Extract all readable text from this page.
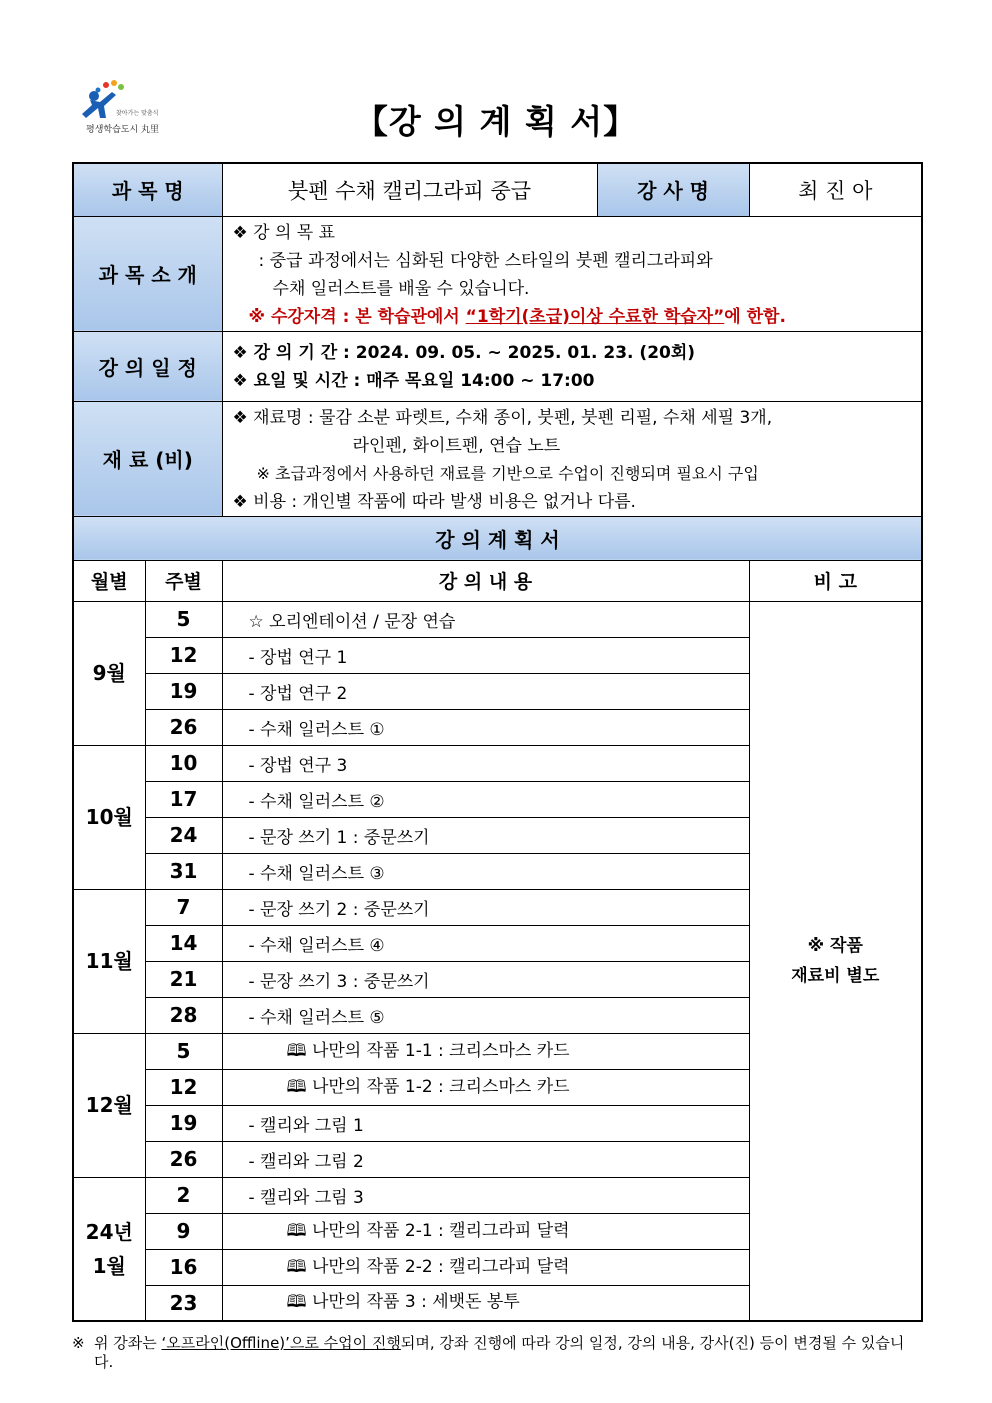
찾아가는 맞춤식
평생학습도시 丸里	【강 의 계 획 서】
과 목 명		붓펜 수채 캘리그라피 중급	강 사 명	최 진 아
과 목 소 개		❖ 강 의 목 표
: 중급 과정에서는 심화된 다양한 스타일의 붓펜 캘리그라피와
수채 일러스트를 배울 수 있습니다.
※ 수강자격 : 본 학습관에서 “1학기(초급)이상 수료한 학습자”에 한함.		

강 의 일 정		❖ 강 의 기 간 : 2024. 09. 05. ~ 2025. 01. 23. (20회)
❖ 요일 및 시간 : 매주 목요일 14:00 ~ 17:00		

재 료 (비)		❖ 재료명 : 물감 소분 파렛트, 수채 종이, 붓펜, 붓펜 리필, 수채 세필 3개,
라인펜, 화이트펜, 연습 노트
※ 초급과정에서 사용하던 재료를 기반으로 수업이 진행되며 필요시 구입
❖ 비용 : 개인별 작품에 따라 발생 비용은 없거나 다름.		

강 의 계 획 서				
월별	주별	강 의 내 용		비 고

9월	5	☆ 오리엔테이션 / 문장 연습		※ 작품
재료비 별도

	12	- 장법 연구 1		
	19	- 장법 연구 2		
	26	- 수채 일러스트 ①		

10월	10	- 장법 연구 3		
	17	- 수채 일러스트 ②		
	24	- 문장 쓰기 1 : 중문쓰기		
	31	- 수채 일러스트 ③		

11월	7	- 문장 쓰기 2 : 중문쓰기		
	14	- 수채 일러스트 ④		
	21	- 문장 쓰기 3 : 중문쓰기		
	28	- 수채 일러스트 ⑤		

12월	5	🕮 나만의 작품 1-1 : 크리스마스 카드		
	12	🕮 나만의 작품 1-2 : 크리스마스 카드		
	19	- 캘리와 그림 1		
	26	- 캘리와 그림 2		

24년
1월	2	- 캘리와 그림 3		
	9	🕮 나만의 작품 2-1 : 캘리그라피 달력		
	16	🕮 나만의 작품 2-2 : 캘리그라피 달력		
	23	🕮 나만의 작품 3 : 세뱃돈 봉투		
※ 위 강좌는 ‘오프라인(Offline)’으로 수업이 진행되며, 강좌 진행에 따라 강의 일정, 강의 내용, 강사(진) 등이 변경될 수 있습니다.
